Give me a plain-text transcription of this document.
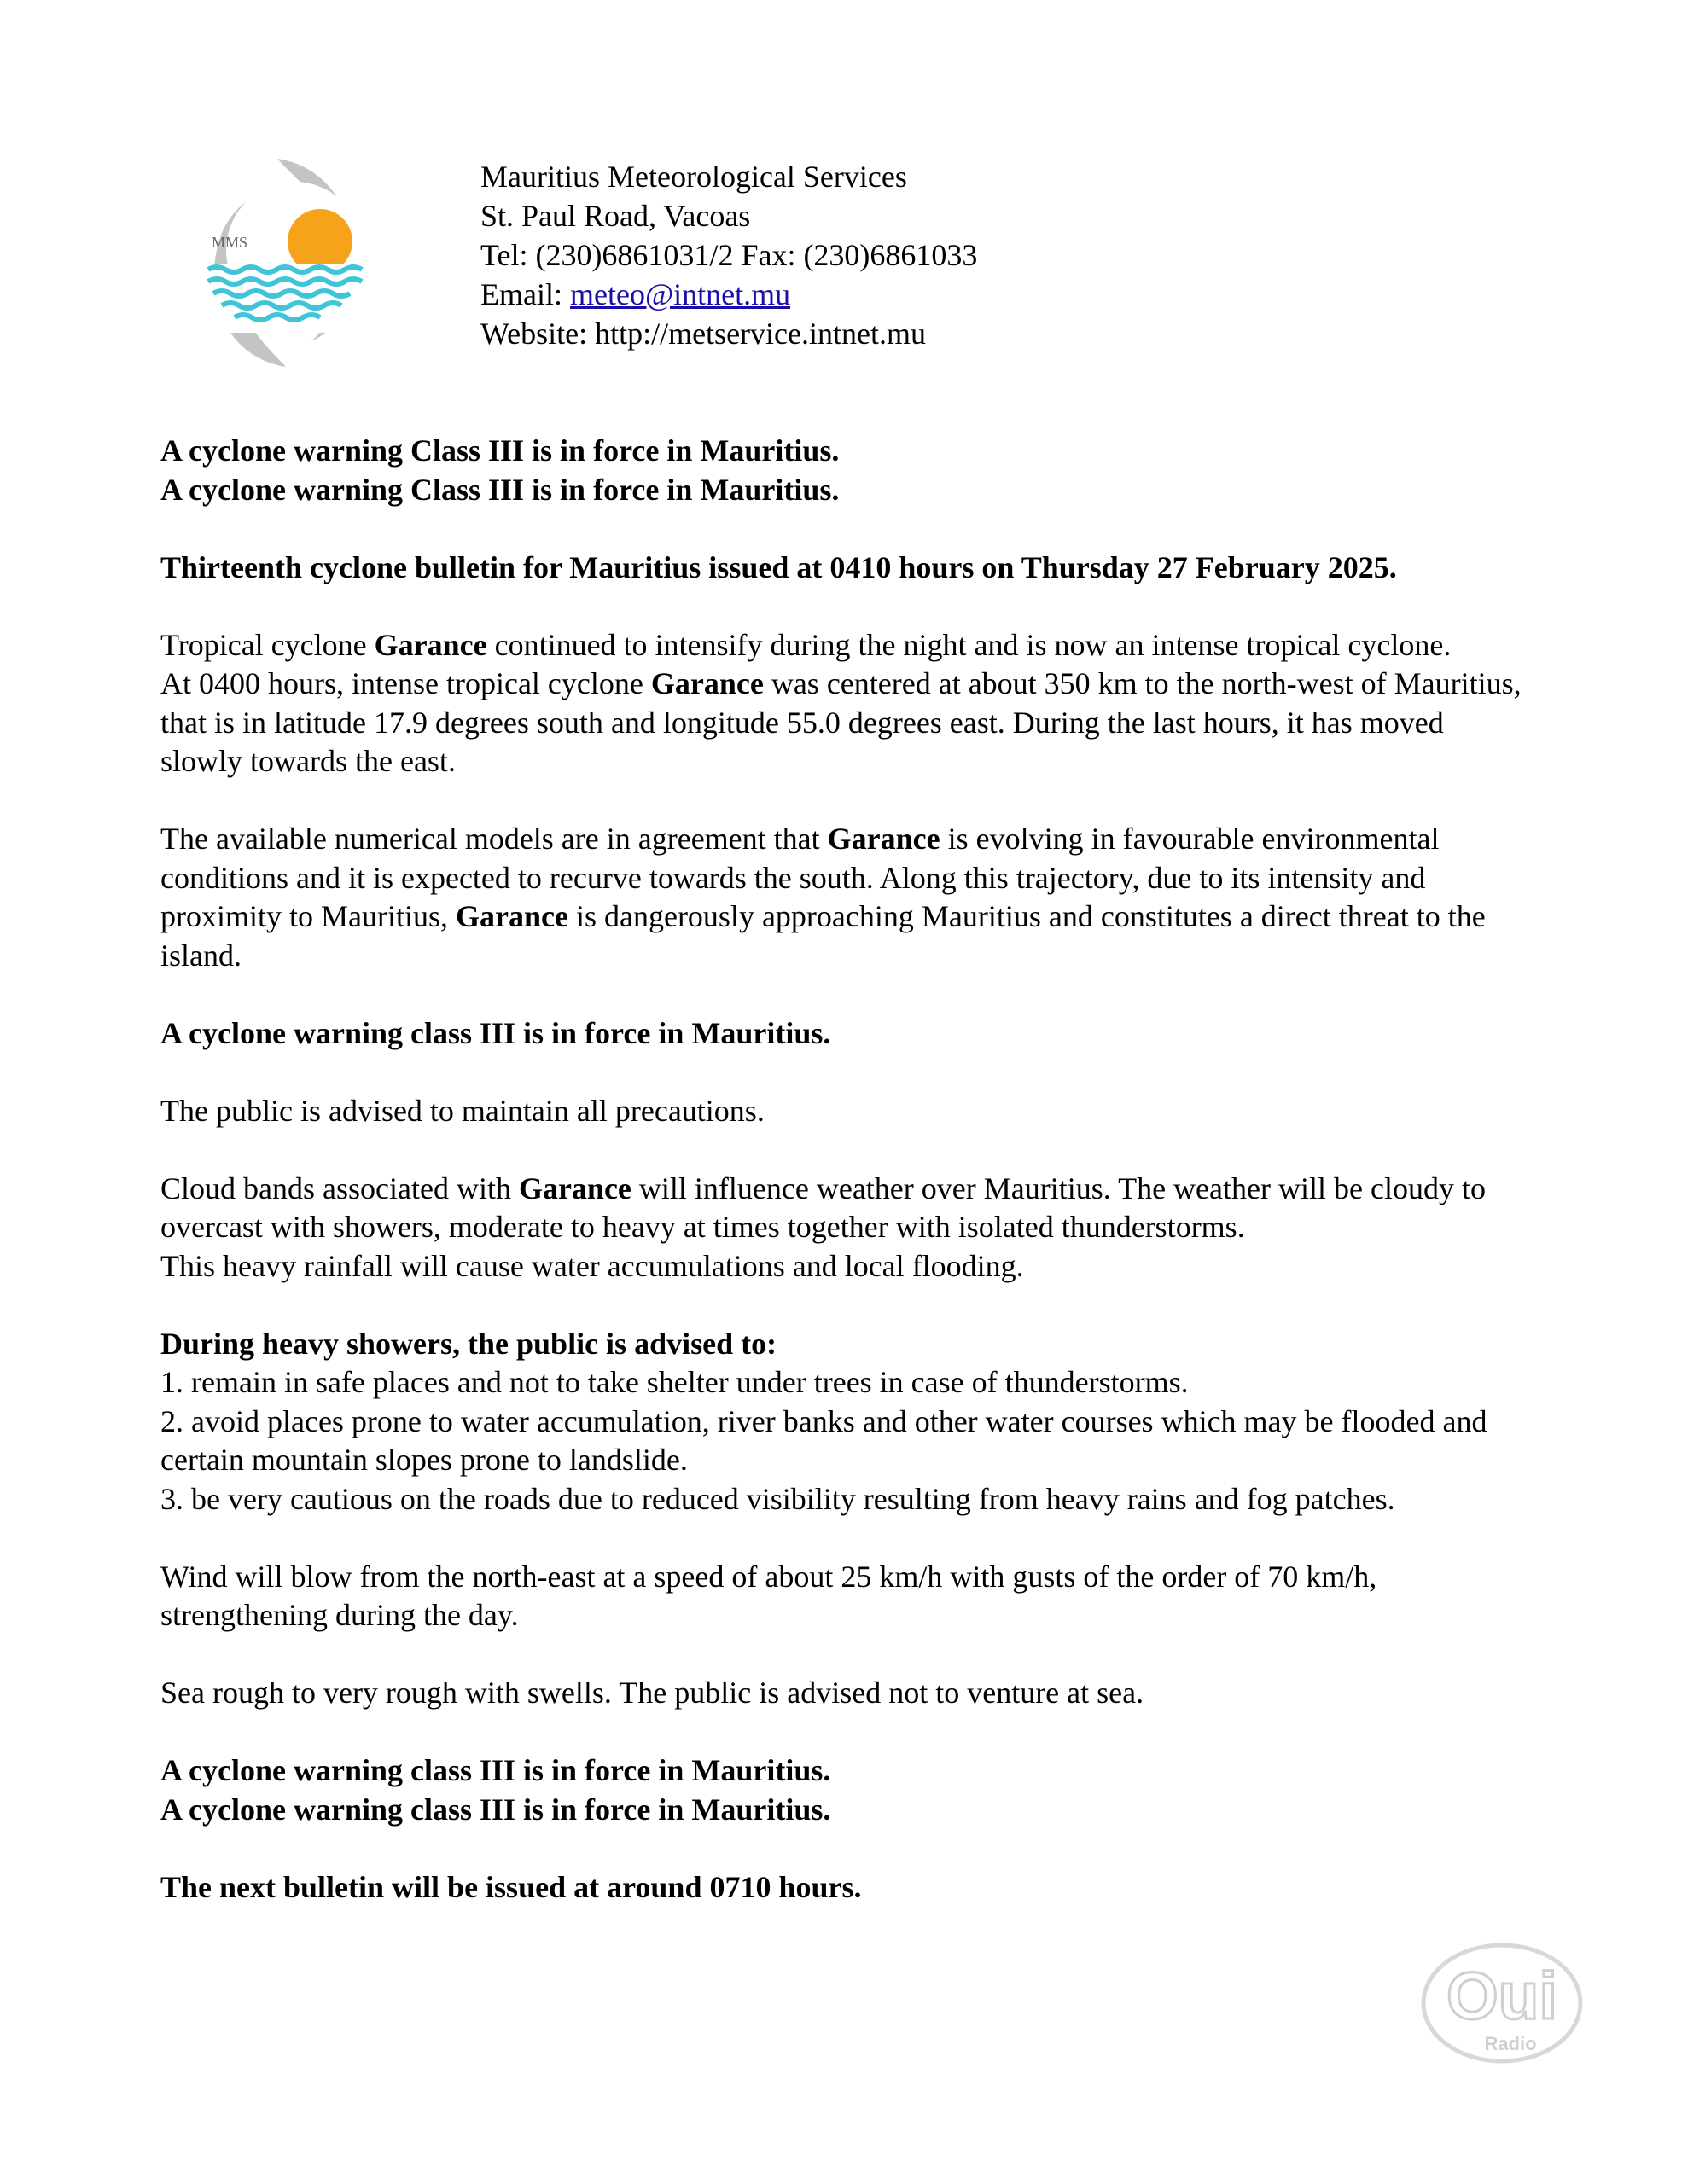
MMS
Mauritius Meteorological Services
St. Paul Road, Vacoas
Tel: (230)6861031/2 Fax: (230)6861033
Email: meteo@intnet.mu
Website: http://metservice.intnet.mu

A cyclone warning Class III is in force in Mauritius.

A cyclone warning Class III is in force in Mauritius.

Thirteenth cyclone bulletin for Mauritius issued at 0410 hours on Thursday 27 February 2025.

Tropical cyclone Garance continued to intensify during the night and is now an intense tropical cyclone.

At 0400 hours, intense tropical cyclone Garance was centered at about 350 km to the north-west of Mauritius, that is in latitude 17.9 degrees south and longitude 55.0 degrees east. During the last hours, it has moved slowly towards the east.

The available numerical models are in agreement that Garance is evolving in favourable environmental conditions and it is expected to recurve towards the south. Along this trajectory, due to its intensity and proximity to Mauritius, Garance is dangerously approaching Mauritius and constitutes a direct threat to the island.

A cyclone warning class III is in force in Mauritius.

The public is advised to maintain all precautions.

Cloud bands associated with Garance will influence weather over Mauritius. The weather will be cloudy to overcast with showers, moderate to heavy at times together with isolated thunderstorms.
This heavy rainfall will cause water accumulations and local flooding.

During heavy showers, the public is advised to:

1. remain in safe places and not to take shelter under trees in case of thunderstorms.

2. avoid places prone to water accumulation, river banks and other water courses which may be flooded and certain mountain slopes prone to landslide.

3. be very cautious on the roads due to reduced visibility resulting from heavy rains and fog patches.

Wind will blow from the north-east at a speed of about 25 km/h with gusts of the order of 70 km/h, strengthening during the day.

Sea rough to very rough with swells. The public is advised not to venture at sea.

A cyclone warning class III is in force in Mauritius.

A cyclone warning class III is in force in Mauritius.

The next bulletin will be issued at around 0710 hours.

Oui
Radio
